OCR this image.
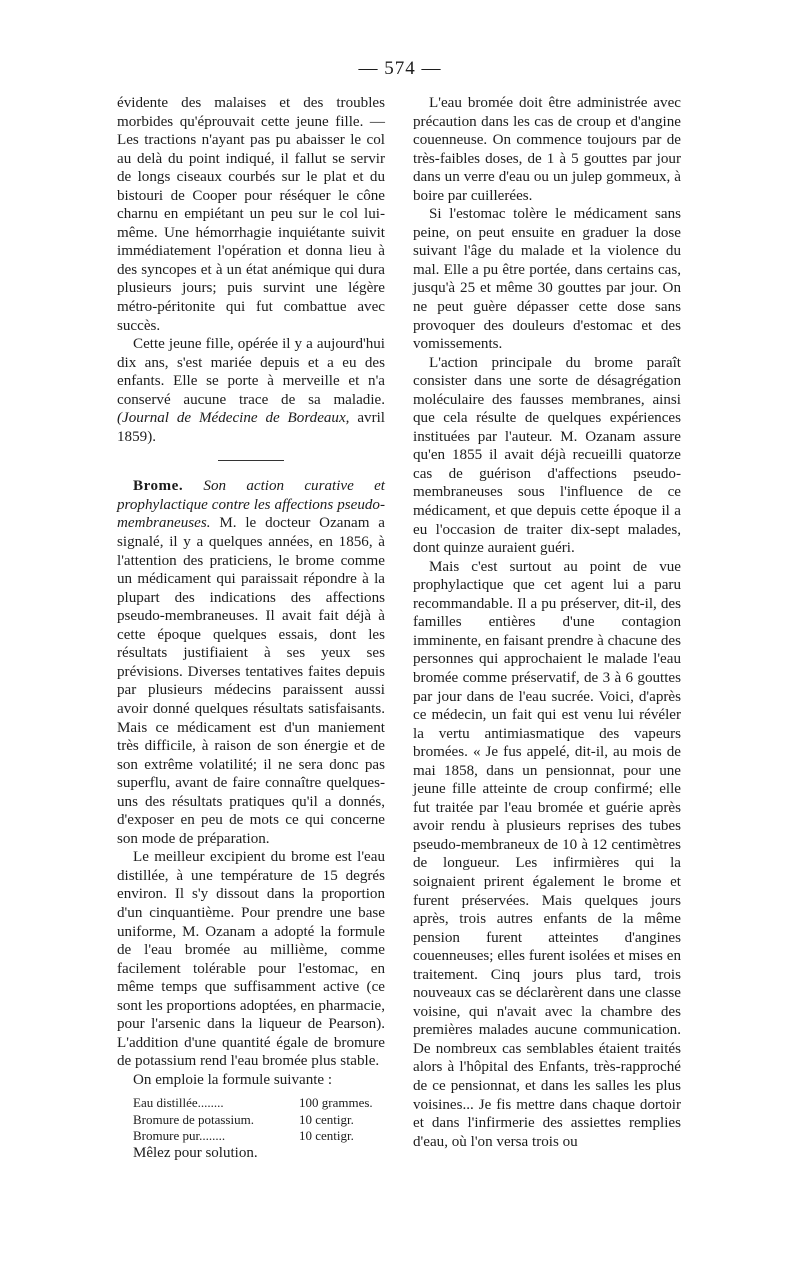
— 574 —

évidente des malaises et des troubles morbides qu'éprouvait cette jeune fille. — Les tractions n'ayant pas pu abaisser le col au delà du point indiqué, il fallut se servir de longs ciseaux courbés sur le plat et du bistouri de Cooper pour réséquer le cône charnu en empiétant un peu sur le col lui-même. Une hémorrhagie inquiétante suivit immédiatement l'opération et donna lieu à des syncopes et à un état anémique qui dura plusieurs jours; puis survint une légère métro-péritonite qui fut combattue avec succès.

Cette jeune fille, opérée il y a aujourd'hui dix ans, s'est mariée depuis et a eu des enfants. Elle se porte à merveille et n'a conservé aucune trace de sa maladie. (Journal de Médecine de Bordeaux, avril 1859).

Brome. Son action curative et prophylactique contre les affections pseudo-membraneuses. M. le docteur Ozanam a signalé, il y a quelques années, en 1856, à l'attention des praticiens, le brome comme un médicament qui paraissait répondre à la plupart des indications des affections pseudo-membraneuses. Il avait fait déjà à cette époque quelques essais, dont les résultats justifiaient à ses yeux ses prévisions. Diverses tentatives faites depuis par plusieurs médecins paraissent aussi avoir donné quelques résultats satisfaisants. Mais ce médicament est d'un maniement très difficile, à raison de son énergie et de son extrême volatilité; il ne sera donc pas superflu, avant de faire connaître quelques-uns des résultats pratiques qu'il a donnés, d'exposer en peu de mots ce qui concerne son mode de préparation.

Le meilleur excipient du brome est l'eau distillée, à une température de 15 degrés environ. Il s'y dissout dans la proportion d'un cinquantième. Pour prendre une base uniforme, M. Ozanam a adopté la formule de l'eau bromée au millième, comme facilement tolérable pour l'estomac, en même temps que suffisamment active (ce sont les proportions adoptées, en pharmacie, pour l'arsenic dans la liqueur de Pearson). L'addition d'une quantité égale de bromure de potassium rend l'eau bromée plus stable.

On emploie la formule suivante :

Eau distillée........	100 grammes.
Bromure de potassium.	10 centigr.
Bromure pur........	10 centigr.
Mêlez pour solution.

L'eau bromée doit être administrée avec précaution dans les cas de croup et d'angine couenneuse. On commence toujours par de très-faibles doses, de 1 à 5 gouttes par jour dans un verre d'eau ou un julep gommeux, à boire par cuillerées.

Si l'estomac tolère le médicament sans peine, on peut ensuite en graduer la dose suivant l'âge du malade et la violence du mal. Elle a pu être portée, dans certains cas, jusqu'à 25 et même 30 gouttes par jour. On ne peut guère dépasser cette dose sans provoquer des douleurs d'estomac et des vomissements.

L'action principale du brome paraît consister dans une sorte de désagrégation moléculaire des fausses membranes, ainsi que cela résulte de quelques expériences instituées par l'auteur. M. Ozanam assure qu'en 1855 il avait déjà recueilli quatorze cas de guérison d'affections pseudo-membraneuses sous l'influence de ce médicament, et que depuis cette époque il a eu l'occasion de traiter dix-sept malades, dont quinze auraient guéri.

Mais c'est surtout au point de vue prophylactique que cet agent lui a paru recommandable. Il a pu préserver, dit-il, des familles entières d'une contagion imminente, en faisant prendre à chacune des personnes qui approchaient le malade l'eau bromée comme préservatif, de 3 à 6 gouttes par jour dans de l'eau sucrée. Voici, d'après ce médecin, un fait qui est venu lui révéler la vertu antimiasmatique des vapeurs bromées. « Je fus appelé, dit-il, au mois de mai 1858, dans un pensionnat, pour une jeune fille atteinte de croup confirmé; elle fut traitée par l'eau bromée et guérie après avoir rendu à plusieurs reprises des tubes pseudo-membraneux de 10 à 12 centimètres de longueur. Les infirmières qui la soignaient prirent également le brome et furent préservées. Mais quelques jours après, trois autres enfants de la même pension furent atteintes d'angines couenneuses; elles furent isolées et mises en traitement. Cinq jours plus tard, trois nouveaux cas se déclarèrent dans une classe voisine, qui n'avait avec la chambre des premières malades aucune communication. De nombreux cas semblables étaient traités alors à l'hôpital des Enfants, très-rapproché de ce pensionnat, et dans les salles les plus voisines... Je fis mettre dans chaque dortoir et dans l'infirmerie des assiettes remplies d'eau, où l'on versa trois ou
